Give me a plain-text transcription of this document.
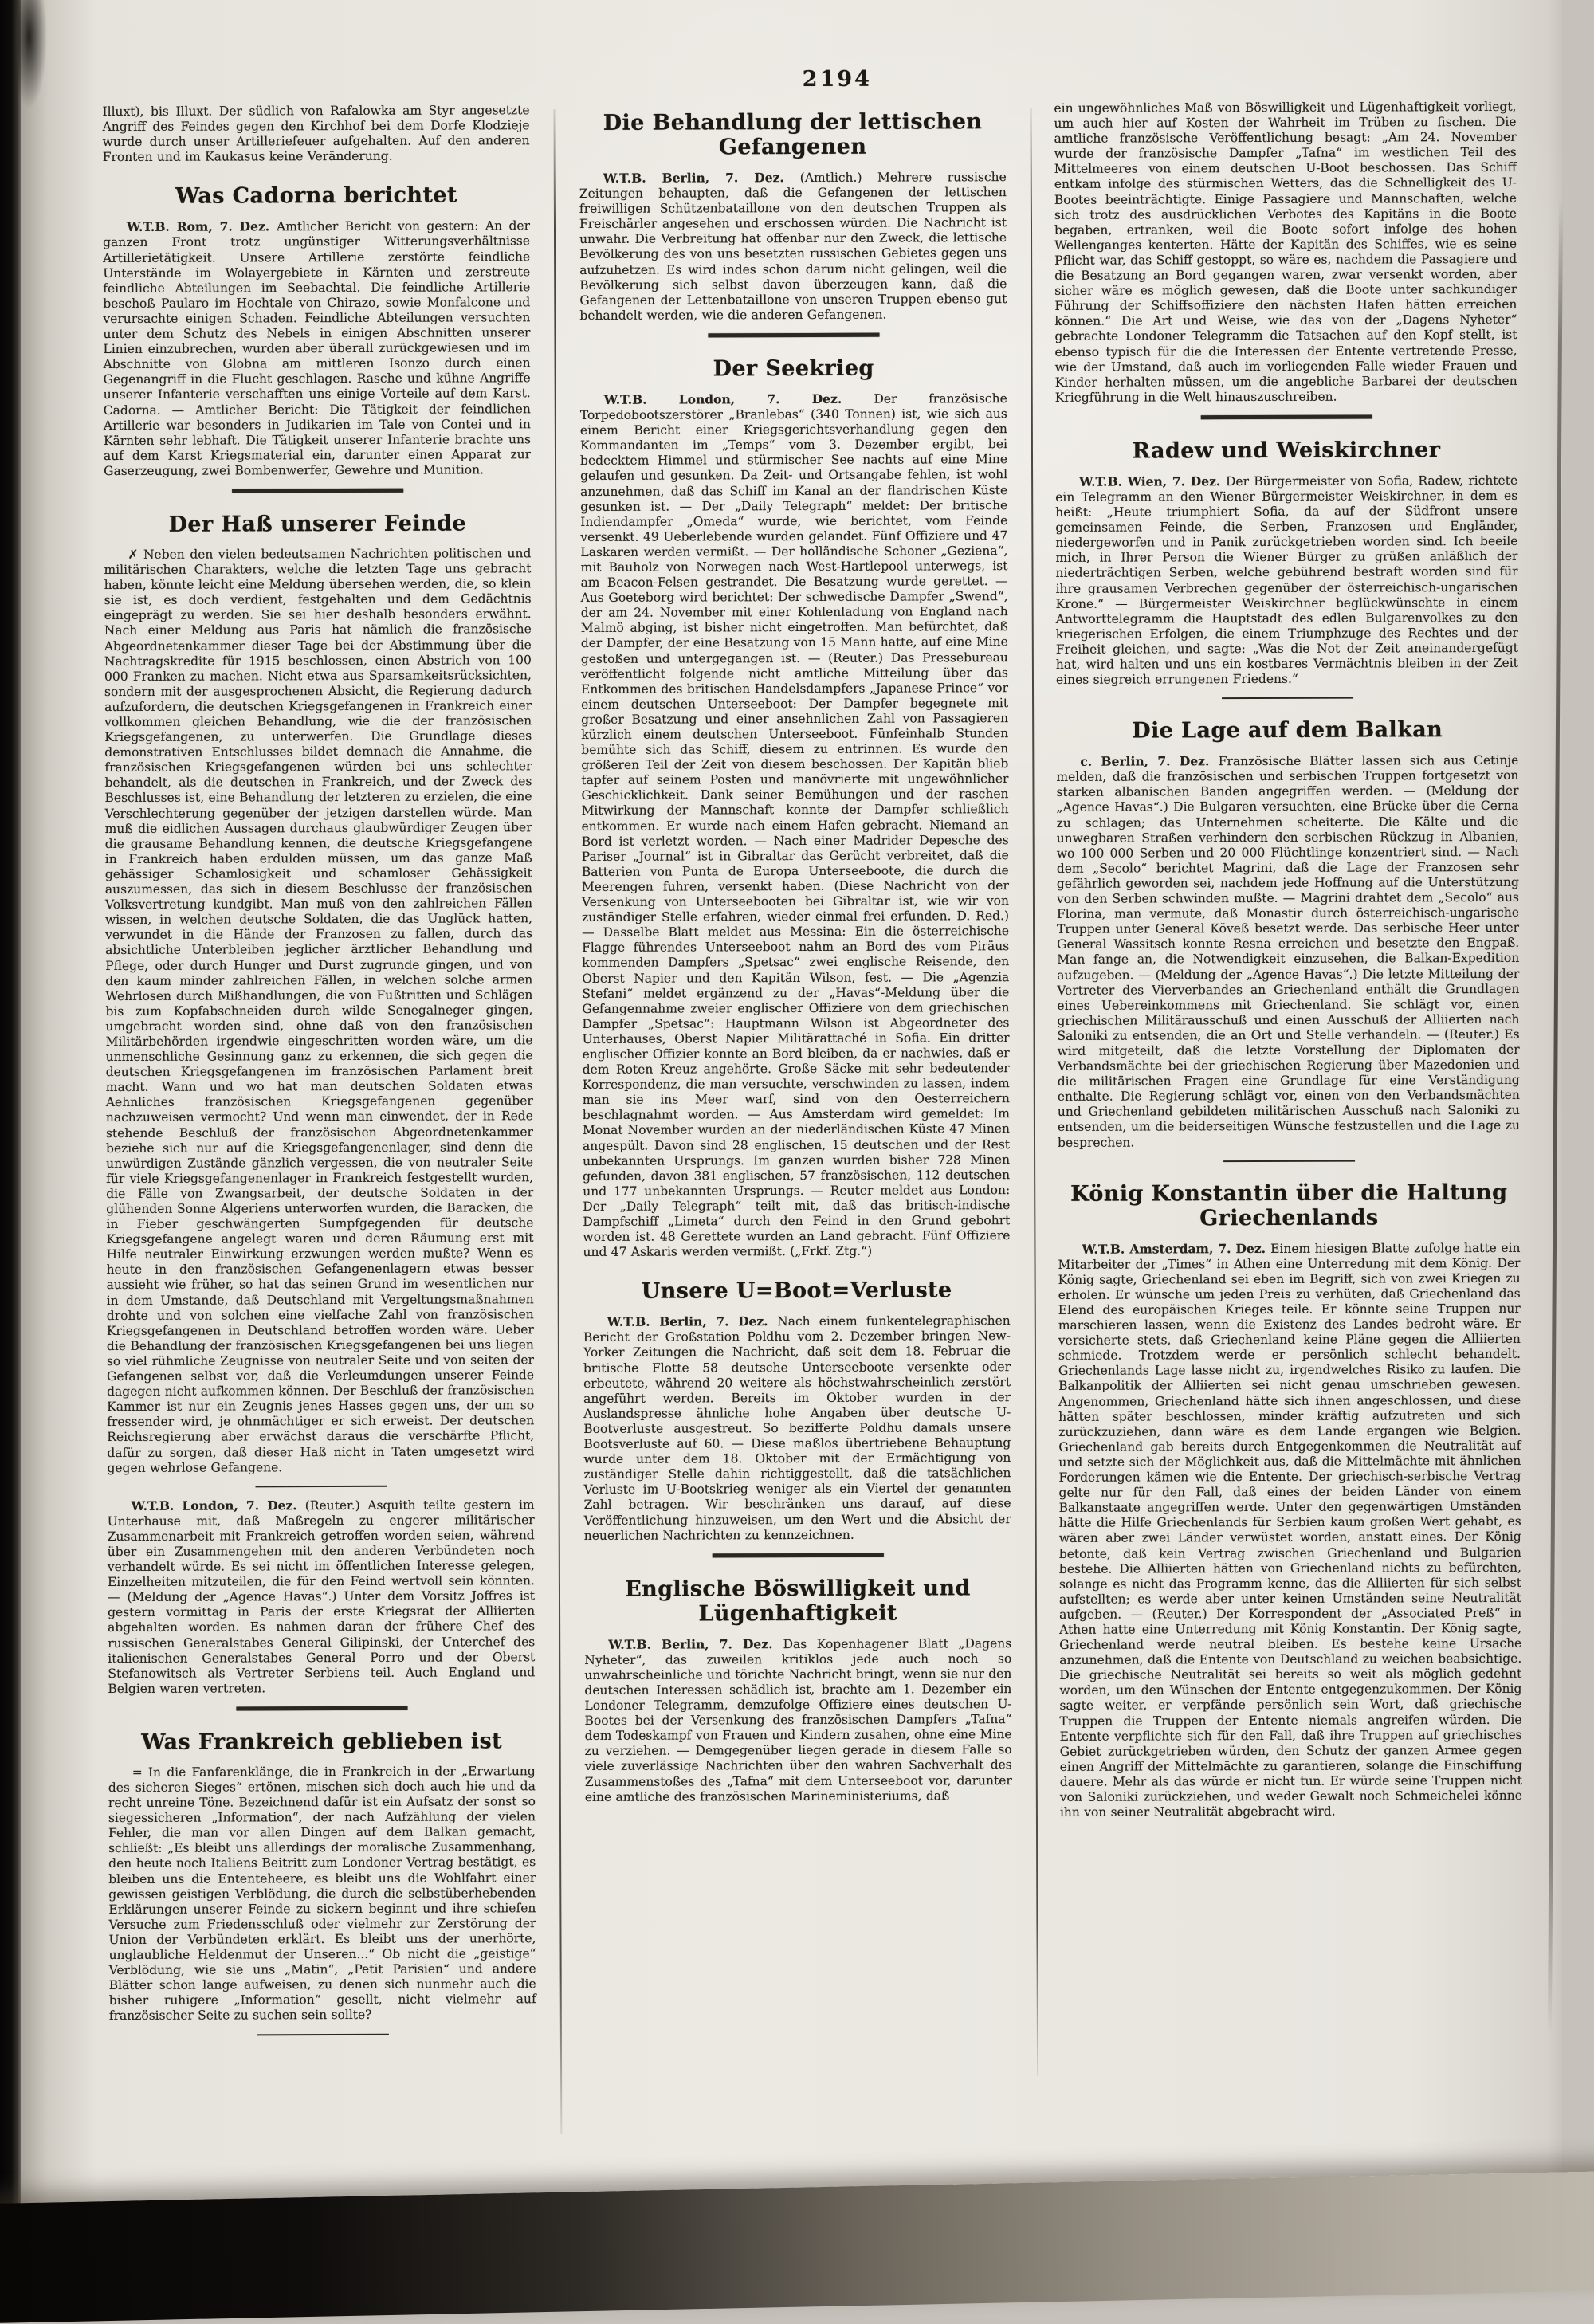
2194

Illuxt), bis Illuxt. Der südlich von Rafalowka am Styr angesetzte Angriff des Feindes gegen den Kirchhof bei dem Dorfe Klodzieje wurde durch unser Artilleriefeuer aufgehalten. Auf den anderen Fronten und im Kaukasus keine Veränderung.

Was Cadorna berichtet

W.T.B. Rom, 7. Dez. Amtlicher Bericht von gestern: An der ganzen Front trotz ungünstiger Witterungsverhältnisse Artillerietätigkeit. Unsere Artillerie zerstörte feindliche Unterstände im Wolayergebiete in Kärnten und zerstreute feindliche Abteilungen im Seebachtal. Die feindliche Artillerie beschoß Paularo im Hochtale von Chirazo, sowie Monfalcone und verursachte einigen Schaden. Feindliche Abteilungen versuchten unter dem Schutz des Nebels in einigen Abschnitten unserer Linien einzubrechen, wurden aber überall zurückgewiesen und im Abschnitte von Globna am mittleren Isonzo durch einen Gegenangriff in die Flucht geschlagen. Rasche und kühne Angriffe unserer Infanterie verschafften uns einige Vorteile auf dem Karst. Cadorna. — Amtlicher Bericht: Die Tätigkeit der feindlichen Artillerie war besonders in Judikarien im Tale von Contei und in Kärnten sehr lebhaft. Die Tätigkeit unserer Infanterie brachte uns auf dem Karst Kriegsmaterial ein, darunter einen Apparat zur Gaserzeugung, zwei Bombenwerfer, Gewehre und Munition.

Der Haß unserer Feinde

✗ Neben den vielen bedeutsamen Nachrichten politischen und militärischen Charakters, welche die letzten Tage uns gebracht haben, könnte leicht eine Meldung übersehen werden, die, so klein sie ist, es doch verdient, festgehalten und dem Gedächtnis eingeprägt zu werden. Sie sei hier deshalb besonders erwähnt. Nach einer Meldung aus Paris hat nämlich die französische Abgeordnetenkammer dieser Tage bei der Abstimmung über die Nachtragskredite für 1915 beschlossen, einen Abstrich von 100 000 Franken zu machen. Nicht etwa aus Sparsamkeitsrücksichten, sondern mit der ausgesprochenen Absicht, die Regierung dadurch aufzufordern, die deutschen Kriegsgefangenen in Frankreich einer vollkommen gleichen Behandlung, wie die der französischen Kriegsgefangenen, zu unterwerfen. Die Grundlage dieses demonstrativen Entschlusses bildet demnach die Annahme, die französischen Kriegsgefangenen würden bei uns schlechter behandelt, als die deutschen in Frankreich, und der Zweck des Beschlusses ist, eine Behandlung der letzteren zu erzielen, die eine Verschlechterung gegenüber der jetzigen darstellen würde. Man muß die eidlichen Aussagen durchaus glaubwürdiger Zeugen über die grausame Behandlung kennen, die deutsche Kriegsgefangene in Frankreich haben erdulden müssen, um das ganze Maß gehässiger Schamlosigkeit und schamloser Gehässigkeit auszumessen, das sich in diesem Beschlusse der französischen Volksvertretung kundgibt. Man muß von den zahlreichen Fällen wissen, in welchen deutsche Soldaten, die das Unglück hatten, verwundet in die Hände der Franzosen zu fallen, durch das absichtliche Unterbleiben jeglicher ärztlicher Behandlung und Pflege, oder durch Hunger und Durst zugrunde gingen, und von den kaum minder zahlreichen Fällen, in welchen solche armen Wehrlosen durch Mißhandlungen, die von Fußtritten und Schlägen bis zum Kopfabschneiden durch wilde Senegalneger gingen, umgebracht worden sind, ohne daß von den französischen Militärbehörden irgendwie eingeschritten worden wäre, um die unmenschliche Gesinnung ganz zu erkennen, die sich gegen die deutschen Kriegsgefangenen im französischen Parlament breit macht. Wann und wo hat man deutschen Soldaten etwas Aehnliches französischen Kriegsgefangenen gegenüber nachzuweisen vermocht? Und wenn man einwendet, der in Rede stehende Beschluß der französischen Abgeordnetenkammer beziehe sich nur auf die Kriegsgefangenenlager, sind denn die unwürdigen Zustände gänzlich vergessen, die von neutraler Seite für viele Kriegsgefangenenlager in Frankreich festgestellt wurden, die Fälle von Zwangsarbeit, der deutsche Soldaten in der glühenden Sonne Algeriens unterworfen wurden, die Baracken, die in Fieber geschwängerten Sumpfgegenden für deutsche Kriegsgefangene angelegt waren und deren Räumung erst mit Hilfe neutraler Einwirkung erzwungen werden mußte? Wenn es heute in den französischen Gefangenenlagern etwas besser aussieht wie früher, so hat das seinen Grund im wesentlichen nur in dem Umstande, daß Deutschland mit Vergeltungsmaßnahmen drohte und von solchen eine vielfache Zahl von französischen Kriegsgefangenen in Deutschland betroffen worden wäre. Ueber die Behandlung der französischen Kriegsgefangenen bei uns liegen so viel rühmliche Zeugnisse von neutraler Seite und von seiten der Gefangenen selbst vor, daß die Verleumdungen unserer Feinde dagegen nicht aufkommen können. Der Beschluß der französischen Kammer ist nur ein Zeugnis jenes Hasses gegen uns, der um so fressender wird, je ohnmächtiger er sich erweist. Der deutschen Reichsregierung aber erwächst daraus die verschärfte Pflicht, dafür zu sorgen, daß dieser Haß nicht in Taten umgesetzt wird gegen wehrlose Gefangene.

W.T.B. London, 7. Dez. (Reuter.) Asquith teilte gestern im Unterhause mit, daß Maßregeln zu engerer militärischer Zusammenarbeit mit Frankreich getroffen worden seien, während über ein Zusammengehen mit den anderen Verbündeten noch verhandelt würde. Es sei nicht im öffentlichen Interesse gelegen, Einzelheiten mitzuteilen, die für den Feind wertvoll sein könnten. — (Meldung der „Agence Havas“.) Unter dem Vorsitz Joffres ist gestern vormittag in Paris der erste Kriegsrat der Alliierten abgehalten worden. Es nahmen daran der frühere Chef des russischen Generalstabes General Gilipinski, der Unterchef des italienischen Generalstabes General Porro und der Oberst Stefanowitsch als Vertreter Serbiens teil. Auch England und Belgien waren vertreten.

Was Frankreich geblieben ist

= In die Fanfarenklänge, die in Frankreich in der „Erwartung des sicheren Sieges“ ertönen, mischen sich doch auch hie und da recht unreine Töne. Bezeichnend dafür ist ein Aufsatz der sonst so siegessicheren „Information“, der nach Aufzählung der vielen Fehler, die man vor allen Dingen auf dem Balkan gemacht, schließt: „Es bleibt uns allerdings der moralische Zusammenhang, den heute noch Italiens Beitritt zum Londoner Vertrag bestätigt, es bleiben uns die Ententeheere, es bleibt uns die Wohlfahrt einer gewissen geistigen Verblödung, die durch die selbstüberhebenden Erklärungen unserer Feinde zu sickern beginnt und ihre schiefen Versuche zum Friedensschluß oder vielmehr zur Zerstörung der Union der Verbündeten erklärt. Es bleibt uns der unerhörte, unglaubliche Heldenmut der Unseren...“ Ob nicht die „geistige“ Verblödung, wie sie uns „Matin“, „Petit Parisien“ und andere Blätter schon lange aufweisen, zu denen sich nunmehr auch die bisher ruhigere „Information“ gesellt, nicht vielmehr auf französischer Seite zu suchen sein sollte?

Die Behandlung der lettischen Gefangenen

W.T.B. Berlin, 7. Dez. (Amtlich.) Mehrere russische Zeitungen behaupten, daß die Gefangenen der lettischen freiwilligen Schützenbataillone von den deutschen Truppen als Freischärler angesehen und erschossen würden. Die Nachricht ist unwahr. Die Verbreitung hat offenbar nur den Zweck, die lettische Bevölkerung des von uns besetzten russischen Gebietes gegen uns aufzuhetzen. Es wird indes schon darum nicht gelingen, weil die Bevölkerung sich selbst davon überzeugen kann, daß die Gefangenen der Lettenbataillone von unseren Truppen ebenso gut behandelt werden, wie die anderen Gefangenen.

Der Seekrieg

W.T.B. London, 7. Dez. Der französische Torpedobootszerstörer „Branlebas“ (340 Tonnen) ist, wie sich aus einem Bericht einer Kriegsgerichtsverhandlung gegen den Kommandanten im „Temps“ vom 3. Dezember ergibt, bei bedecktem Himmel und stürmischer See nachts auf eine Mine gelaufen und gesunken. Da Zeit- und Ortsangabe fehlen, ist wohl anzunehmen, daß das Schiff im Kanal an der flandrischen Küste gesunken ist. — Der „Daily Telegraph“ meldet: Der britische Indiendampfer „Omeda“ wurde, wie berichtet, vom Feinde versenkt. 49 Ueberlebende wurden gelandet. Fünf Offiziere und 47 Laskaren werden vermißt. — Der holländische Schoner „Geziena“, mit Bauholz von Norwegen nach West-Hartlepool unterwegs, ist am Beacon-Felsen gestrandet. Die Besatzung wurde gerettet. — Aus Goeteborg wird berichtet: Der schwedische Dampfer „Swend“, der am 24. November mit einer Kohlenladung von England nach Malmö abging, ist bisher nicht eingetroffen. Man befürchtet, daß der Dampfer, der eine Besatzung von 15 Mann hatte, auf eine Mine gestoßen und untergegangen ist. — (Reuter.) Das Pressebureau veröffentlicht folgende nicht amtliche Mitteilung über das Entkommen des britischen Handelsdampfers „Japanese Prince“ vor einem deutschen Unterseeboot: Der Dampfer begegnete mit großer Besatzung und einer ansehnlichen Zahl von Passagieren kürzlich einem deutschen Unterseeboot. Fünfeinhalb Stunden bemühte sich das Schiff, diesem zu entrinnen. Es wurde den größeren Teil der Zeit von diesem beschossen. Der Kapitän blieb tapfer auf seinem Posten und manövrierte mit ungewöhnlicher Geschicklichkeit. Dank seiner Bemühungen und der raschen Mitwirkung der Mannschaft konnte der Dampfer schließlich entkommen. Er wurde nach einem Hafen gebracht. Niemand an Bord ist verletzt worden. — Nach einer Madrider Depesche des Pariser „Journal“ ist in Gibraltar das Gerücht verbreitet, daß die Batterien von Punta de Europa Unterseeboote, die durch die Meerengen fuhren, versenkt haben. (Diese Nachricht von der Versenkung von Unterseebooten bei Gibraltar ist, wie wir von zuständiger Stelle erfahren, wieder einmal frei erfunden. D. Red.) — Dasselbe Blatt meldet aus Messina: Ein die österreichische Flagge führendes Unterseeboot nahm an Bord des vom Piräus kommenden Dampfers „Spetsac“ zwei englische Reisende, den Oberst Napier und den Kapitän Wilson, fest. — Die „Agenzia Stefani“ meldet ergänzend zu der „Havas“-Meldung über die Gefangennahme zweier englischer Offiziere von dem griechischen Dampfer „Spetsac“: Hauptmann Wilson ist Abgeordneter des Unterhauses, Oberst Napier Militärattaché in Sofia. Ein dritter englischer Offizier konnte an Bord bleiben, da er nachwies, daß er dem Roten Kreuz angehörte. Große Säcke mit sehr bedeutender Korrespondenz, die man versuchte, verschwinden zu lassen, indem man sie ins Meer warf, sind von den Oesterreichern beschlagnahmt worden. — Aus Amsterdam wird gemeldet: Im Monat November wurden an der niederländischen Küste 47 Minen angespült. Davon sind 28 englischen, 15 deutschen und der Rest unbekannten Ursprungs. Im ganzen wurden bisher 728 Minen gefunden, davon 381 englischen, 57 französischen, 112 deutschen und 177 unbekannten Ursprungs. — Reuter meldet aus London: Der „Daily Telegraph“ teilt mit, daß das britisch-indische Dampfschiff „Limeta“ durch den Feind in den Grund gebohrt worden ist. 48 Gerettete wurden an Land gebracht. Fünf Offiziere und 47 Askaris werden vermißt. („Frkf. Ztg.“)

Unsere U=Boot=Verluste

W.T.B. Berlin, 7. Dez. Nach einem funkentelegraphischen Bericht der Großstation Poldhu vom 2. Dezember bringen New-Yorker Zeitungen die Nachricht, daß seit dem 18. Februar die britische Flotte 58 deutsche Unterseeboote versenkte oder erbeutete, während 20 weitere als höchstwahrscheinlich zerstört angeführt werden. Bereits im Oktober wurden in der Auslandspresse ähnliche hohe Angaben über deutsche U-Bootverluste ausgestreut. So bezifferte Poldhu damals unsere Bootsverluste auf 60. — Diese maßlos übertriebene Behauptung wurde unter dem 18. Oktober mit der Ermächtigung von zuständiger Stelle dahin richtiggestellt, daß die tatsächlichen Verluste im U-Bootskrieg weniger als ein Viertel der genannten Zahl betragen. Wir beschränken uns darauf, auf diese Veröffentlichung hinzuweisen, um den Wert und die Absicht der neuerlichen Nachrichten zu kennzeichnen.

Englische Böswilligkeit und Lügenhaftigkeit

W.T.B. Berlin, 7. Dez. Das Kopenhagener Blatt „Dagens Nyheter“, das zuweilen kritiklos jede auch noch so unwahrscheinliche und törichte Nachricht bringt, wenn sie nur den deutschen Interessen schädlich ist, brachte am 1. Dezember ein Londoner Telegramm, demzufolge Offiziere eines deutschen U-Bootes bei der Versenkung des französischen Dampfers „Tafna“ dem Todeskampf von Frauen und Kindern zusahen, ohne eine Mine zu verziehen. — Demgegenüber liegen gerade in diesem Falle so viele zuverlässige Nachrichten über den wahren Sachverhalt des Zusammenstoßes des „Tafna“ mit dem Unterseeboot vor, darunter eine amtliche des französischen Marineministeriums, daß

ein ungewöhnliches Maß von Böswilligkeit und Lügenhaftigkeit vorliegt, um auch hier auf Kosten der Wahrheit im Trüben zu fischen. Die amtliche französische Veröffentlichung besagt: „Am 24. November wurde der französische Dampfer „Tafna“ im westlichen Teil des Mittelmeeres von einem deutschen U-Boot beschossen. Das Schiff entkam infolge des stürmischen Wetters, das die Schnelligkeit des U-Bootes beeinträchtigte. Einige Passagiere und Mannschaften, welche sich trotz des ausdrücklichen Verbotes des Kapitäns in die Boote begaben, ertranken, weil die Boote sofort infolge des hohen Wellenganges kenterten. Hätte der Kapitän des Schiffes, wie es seine Pflicht war, das Schiff gestoppt, so wäre es, nachdem die Passagiere und die Besatzung an Bord gegangen waren, zwar versenkt worden, aber sicher wäre es möglich gewesen, daß die Boote unter sachkundiger Führung der Schiffsoffiziere den nächsten Hafen hätten erreichen können.“ Die Art und Weise, wie das von der „Dagens Nyheter“ gebrachte Londoner Telegramm die Tatsachen auf den Kopf stellt, ist ebenso typisch für die die Interessen der Entente vertretende Presse, wie der Umstand, daß auch im vorliegenden Falle wieder Frauen und Kinder herhalten müssen, um die angebliche Barbarei der deutschen Kriegführung in die Welt hinauszuschreiben.

Radew und Weiskirchner

W.T.B. Wien, 7. Dez. Der Bürgermeister von Sofia, Radew, richtete ein Telegramm an den Wiener Bürgermeister Weiskirchner, in dem es heißt: „Heute triumphiert Sofia, da auf der Südfront unsere gemeinsamen Feinde, die Serben, Franzosen und Engländer, niedergeworfen und in Panik zurückgetrieben worden sind. Ich beeile mich, in Ihrer Person die Wiener Bürger zu grüßen anläßlich der niederträchtigen Serben, welche gebührend bestraft worden sind für ihre grausamen Verbrechen gegenüber der österreichisch-ungarischen Krone.“ — Bürgermeister Weiskirchner beglückwünschte in einem Antworttelegramm die Hauptstadt des edlen Bulgarenvolkes zu den kriegerischen Erfolgen, die einem Triumphzuge des Rechtes und der Freiheit gleichen, und sagte: „Was die Not der Zeit aneinandergefügt hat, wird halten und uns ein kostbares Vermächtnis bleiben in der Zeit eines siegreich errungenen Friedens.“

Die Lage auf dem Balkan

c. Berlin, 7. Dez. Französische Blätter lassen sich aus Cetinje melden, daß die französischen und serbischen Truppen fortgesetzt von starken albanischen Banden angegriffen werden. — (Meldung der „Agence Havas“.) Die Bulgaren versuchten, eine Brücke über die Cerna zu schlagen; das Unternehmen scheiterte. Die Kälte und die unwegbaren Straßen verhindern den serbischen Rückzug in Albanien, wo 100 000 Serben und 20 000 Flüchtlinge konzentriert sind. — Nach dem „Secolo“ berichtet Magrini, daß die Lage der Franzosen sehr gefährlich geworden sei, nachdem jede Hoffnung auf die Unterstützung von den Serben schwinden mußte. — Magrini drahtet dem „Secolo“ aus Florina, man vermute, daß Monastir durch österreichisch-ungarische Truppen unter General Köveß besetzt werde. Das serbische Heer unter General Wassitsch konnte Resna erreichen und besetzte den Engpaß. Man fange an, die Notwendigkeit einzusehen, die Balkan-Expedition aufzugeben. — (Meldung der „Agence Havas“.) Die letzte Mitteilung der Vertreter des Vierverbandes an Griechenland enthält die Grundlagen eines Uebereinkommens mit Griechenland. Sie schlägt vor, einen griechischen Militärausschuß und einen Ausschuß der Alliierten nach Saloniki zu entsenden, die an Ort und Stelle verhandeln. — (Reuter.) Es wird mitgeteilt, daß die letzte Vorstellung der Diplomaten der Verbandsmächte bei der griechischen Regierung über Mazedonien und die militärischen Fragen eine Grundlage für eine Verständigung enthalte. Die Regierung schlägt vor, einen von den Verbandsmächten und Griechenland gebildeten militärischen Ausschuß nach Saloniki zu entsenden, um die beiderseitigen Wünsche festzustellen und die Lage zu besprechen.

König Konstantin über die Haltung Griechenlands

W.T.B. Amsterdam, 7. Dez. Einem hiesigen Blatte zufolge hatte ein Mitarbeiter der „Times“ in Athen eine Unterredung mit dem König. Der König sagte, Griechenland sei eben im Begriff, sich von zwei Kriegen zu erholen. Er wünsche um jeden Preis zu verhüten, daß Griechenland das Elend des europäischen Krieges teile. Er könnte seine Truppen nur marschieren lassen, wenn die Existenz des Landes bedroht wäre. Er versicherte stets, daß Griechenland keine Pläne gegen die Alliierten schmiede. Trotzdem werde er persönlich schlecht behandelt. Griechenlands Lage lasse nicht zu, irgendwelches Risiko zu laufen. Die Balkanpolitik der Alliierten sei nicht genau umschrieben gewesen. Angenommen, Griechenland hätte sich ihnen angeschlossen, und diese hätten später beschlossen, minder kräftig aufzutreten und sich zurückzuziehen, dann wäre es dem Lande ergangen wie Belgien. Griechenland gab bereits durch Entgegenkommen die Neutralität auf und setzte sich der Möglichkeit aus, daß die Mittelmächte mit ähnlichen Forderungen kämen wie die Entente. Der griechisch-serbische Vertrag gelte nur für den Fall, daß eines der beiden Länder von einem Balkanstaate angegriffen werde. Unter den gegenwärtigen Umständen hätte die Hilfe Griechenlands für Serbien kaum großen Wert gehabt, es wären aber zwei Länder verwüstet worden, anstatt eines. Der König betonte, daß kein Vertrag zwischen Griechenland und Bulgarien bestehe. Die Alliierten hätten von Griechenland nichts zu befürchten, solange es nicht das Programm kenne, das die Alliierten für sich selbst aufstellten; es werde aber unter keinen Umständen seine Neutralität aufgeben. — (Reuter.) Der Korrespondent der „Associated Preß“ in Athen hatte eine Unterredung mit König Konstantin. Der König sagte, Griechenland werde neutral bleiben. Es bestehe keine Ursache anzunehmen, daß die Entente von Deutschland zu weichen beabsichtige. Die griechische Neutralität sei bereits so weit als möglich gedehnt worden, um den Wünschen der Entente entgegenzukommen. Der König sagte weiter, er verpfände persönlich sein Wort, daß griechische Truppen die Truppen der Entente niemals angreifen würden. Die Entente verpflichte sich für den Fall, daß ihre Truppen auf griechisches Gebiet zurückgetrieben würden, den Schutz der ganzen Armee gegen einen Angriff der Mittelmächte zu garantieren, solange die Einschiffung dauere. Mehr als das würde er nicht tun. Er würde seine Truppen nicht von Saloniki zurückziehen, und weder Gewalt noch Schmeichelei könne ihn von seiner Neutralität abgebracht wird.
